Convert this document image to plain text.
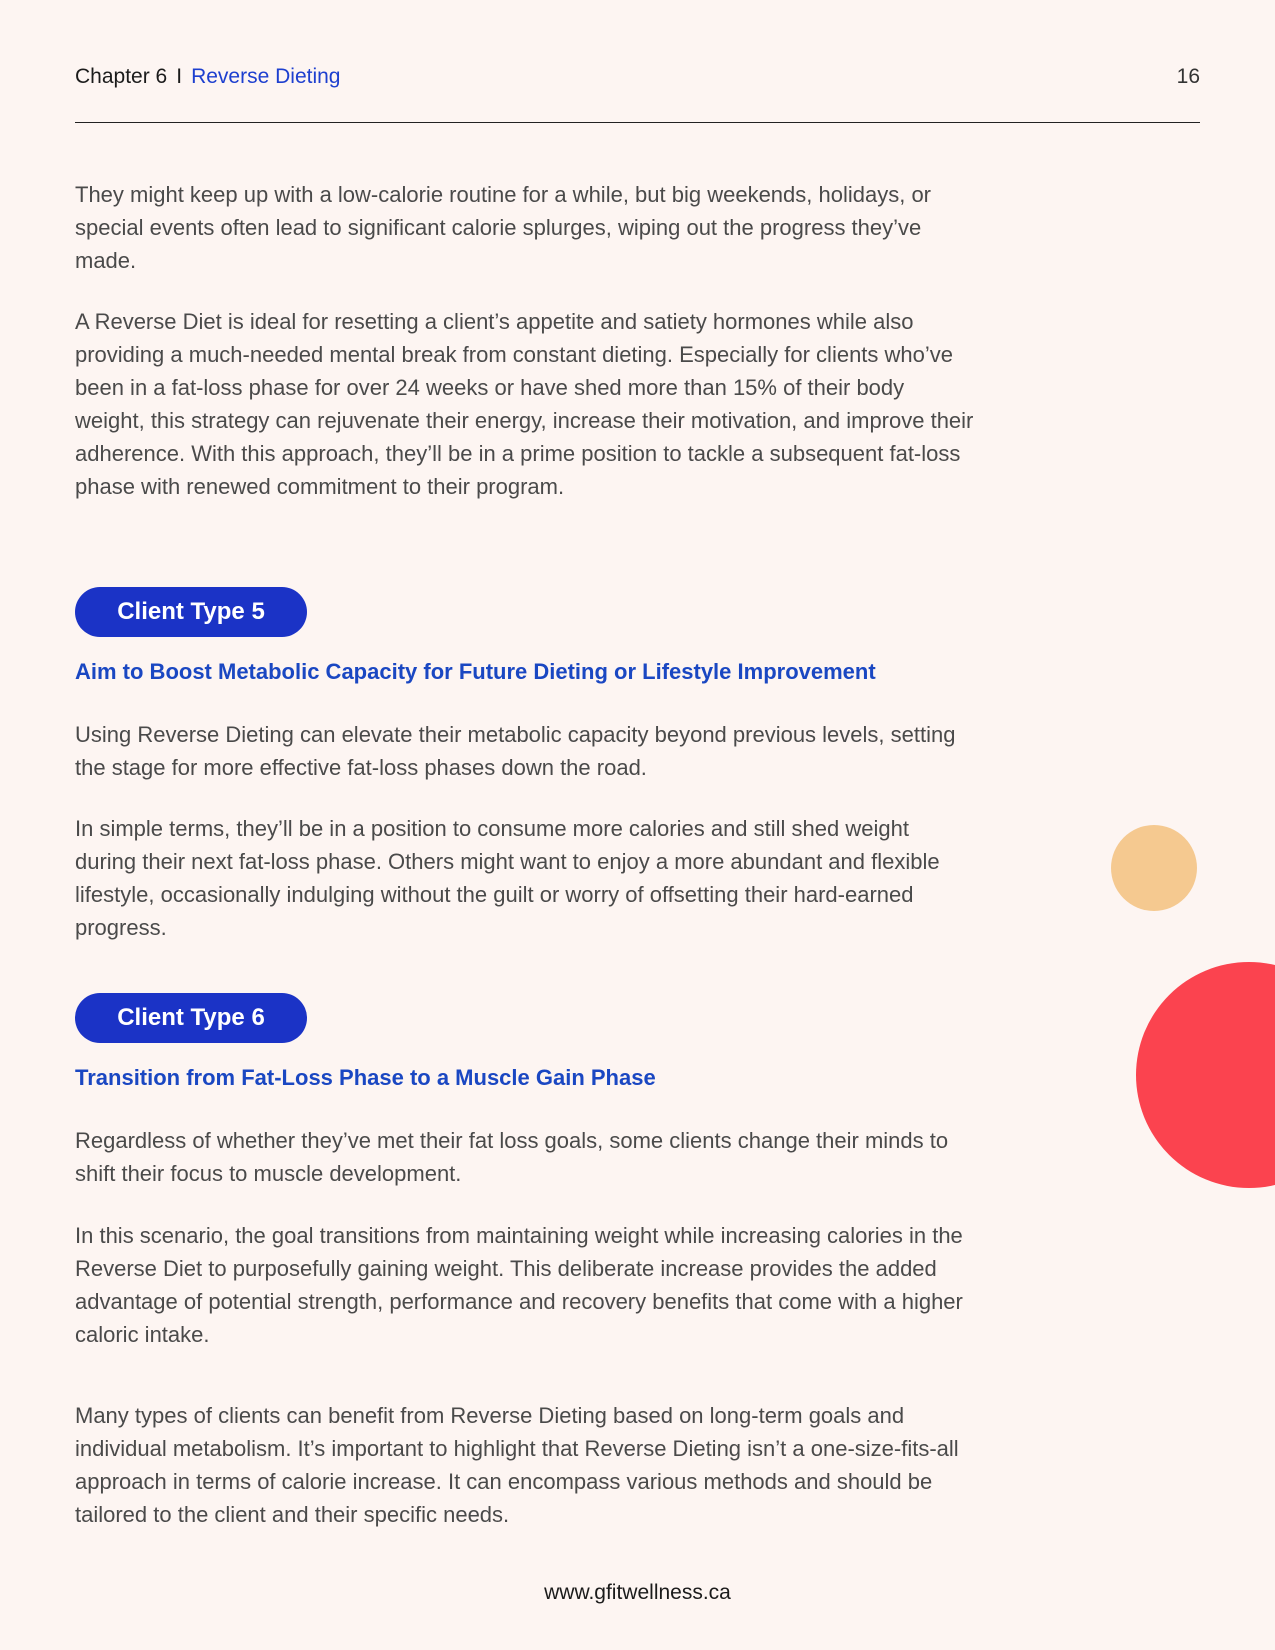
Chapter 6 I Reverse Dieting	16

They might keep up with a low-calorie routine for a while, but big weekends, holidays, or special events often lead to significant calorie splurges, wiping out the progress they’ve made.

A Reverse Diet is ideal for resetting a client’s appetite and satiety hormones while also providing a much-needed mental break from constant dieting. Especially for clients who’ve been in a fat-loss phase for over 24 weeks or have shed more than 15% of their body weight, this strategy can rejuvenate their energy, increase their motivation, and improve their adherence. With this approach, they’ll be in a prime position to tackle a subsequent fat-loss phase with renewed commitment to their program.

Client Type 5

Aim to Boost Metabolic Capacity for Future Dieting or Lifestyle Improvement

Using Reverse Dieting can elevate their metabolic capacity beyond previous levels, setting the stage for more effective fat-loss phases down the road.

In simple terms, they’ll be in a position to consume more calories and still shed weight during their next fat-loss phase. Others might want to enjoy a more abundant and flexible lifestyle, occasionally indulging without the guilt or worry of offsetting their hard-earned progress.

Client Type 6

Transition from Fat-Loss Phase to a Muscle Gain Phase

Regardless of whether they’ve met their fat loss goals, some clients change their minds to shift their focus to muscle development.

In this scenario, the goal transitions from maintaining weight while increasing calories in the Reverse Diet to purposefully gaining weight. This deliberate increase provides the added advantage of potential strength, performance and recovery benefits that come with a higher caloric intake.

Many types of clients can benefit from Reverse Dieting based on long-term goals and individual metabolism. It’s important to highlight that Reverse Dieting isn’t a one-size-fits-all approach in terms of calorie increase. It can encompass various methods and should be tailored to the client and their specific needs.

www.gfitwellness.ca
